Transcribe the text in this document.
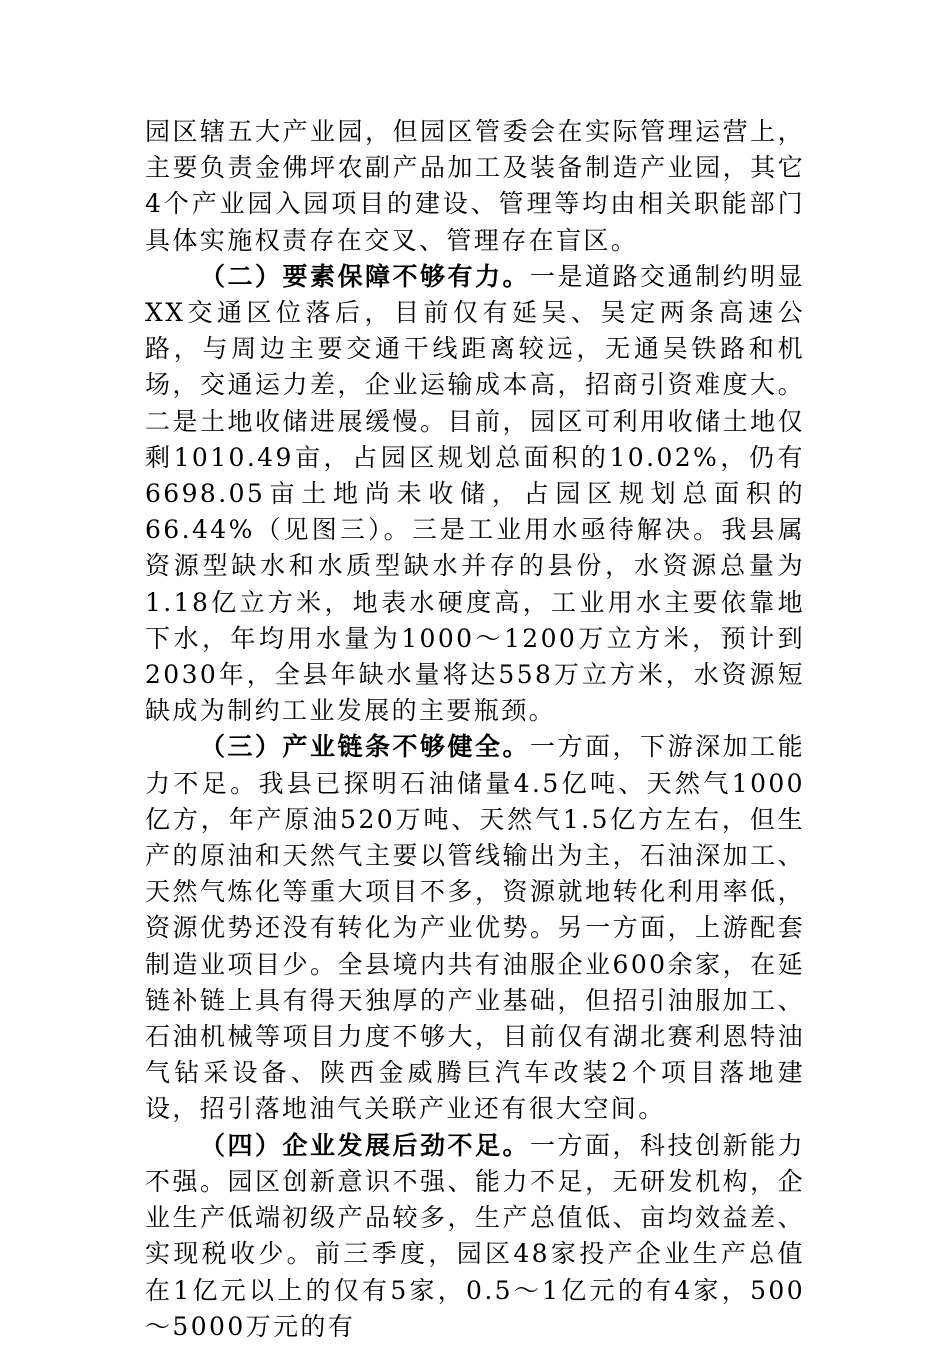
园区辖五大产业园，但园区管委会在实际管理运营上，主要负责金佛坪农副产品加工及装备制造产业园，其它4个产业园入园项目的建设、管理等均由相关职能部门具体实施权责存在交叉、管理存在盲区。

（二）要素保障不够有力。一是道路交通制约明显XX交通区位落后，目前仅有延吴、吴定两条高速公路，与周边主要交通干线距离较远，无通吴铁路和机场，交通运力差，企业运输成本高，招商引资难度大。二是土地收储进展缓慢。目前，园区可利用收储土地仅剩1010.49亩，占园区规划总面积的10.02%，仍有6698.05亩土地尚未收储，占园区规划总面积的66.44%（见图三）。三是工业用水亟待解决。我县属资源型缺水和水质型缺水并存的县份，水资源总量为1.18亿立方米，地表水硬度高，工业用水主要依靠地下水，年均用水量为1000～1200万立方米，预计到2030年，全县年缺水量将达558万立方米，水资源短缺成为制约工业发展的主要瓶颈。

（三）产业链条不够健全。一方面，下游深加工能力不足。我县已探明石油储量4.5亿吨、天然气1000亿方，年产原油520万吨、天然气1.5亿方左右，但生产的原油和天然气主要以管线输出为主，石油深加工、天然气炼化等重大项目不多，资源就地转化利用率低，资源优势还没有转化为产业优势。另一方面，上游配套制造业项目少。全县境内共有油服企业600余家，在延链补链上具有得天独厚的产业基础，但招引油服加工、石油机械等项目力度不够大，目前仅有湖北赛利恩特油气钻采设备、陕西金威腾巨汽车改装2个项目落地建设，招引落地油气关联产业还有很大空间。

（四）企业发展后劲不足。一方面，科技创新能力不强。园区创新意识不强、能力不足，无研发机构，企业生产低端初级产品较多，生产总值低、亩均效益差、实现税收少。前三季度，园区48家投产企业生产总值在1亿元以上的仅有5家，0.5～1亿元的有4家，500～5000万元的有
